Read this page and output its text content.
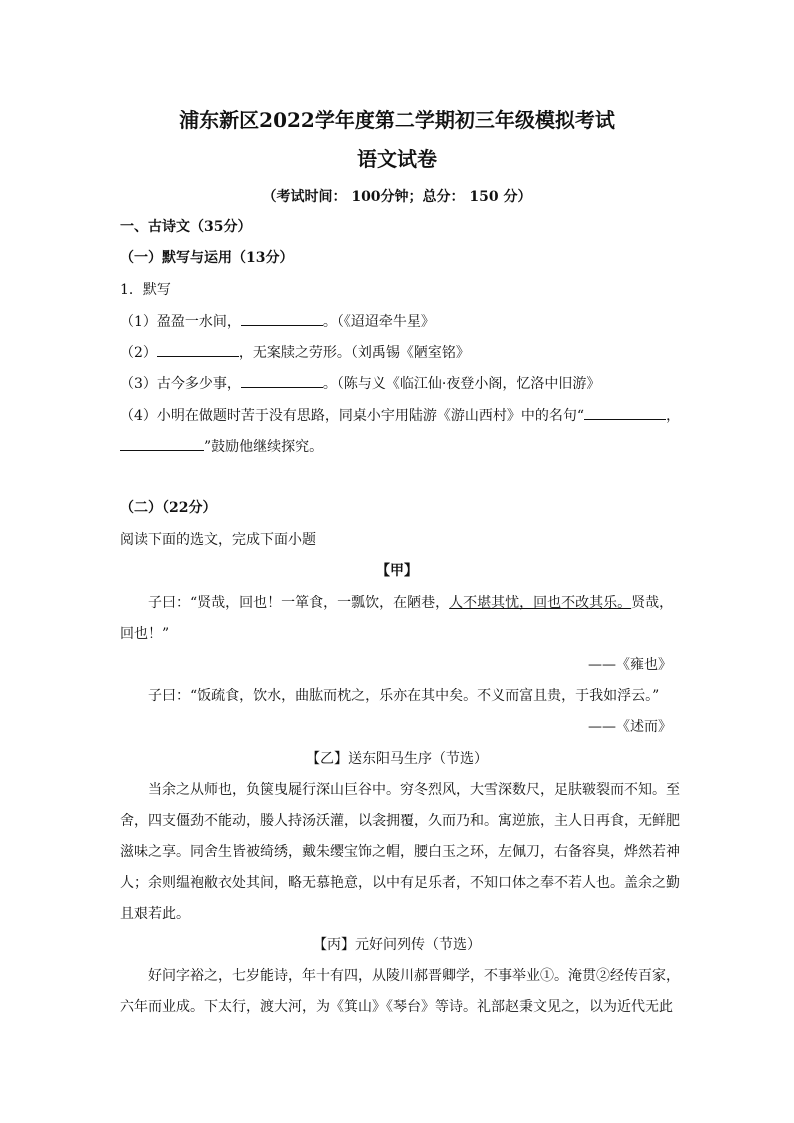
浦东新区2022学年度第二学期初三年级模拟考试
语文试卷
（考试时间： 100分钟；总分： 150 分）
一、古诗文（35分）
（一）默写与运用（13分）
1．默写
（1）盈盈一水间，	。（《迢迢牵牛星》
（2）	，无案牍之劳形。（刘禹锡《陋室铭》
（3）古今多少事，	。（陈与义《临江仙·夜登小阁，忆洛中旧游》
（4）小明在做题时苦于没有思路，同桌小宇用陆游《游山西村》中的名句“	，
”鼓励他继续探究。
（二）（22分）
阅读下面的选文，完成下面小题
【甲】
子曰：“贤哉，回也！一箪食，一瓢饮，在陋巷，人不堪其忧，回也不改其乐。贤哉，
回也！”
——《雍也》
子曰：“饭疏食，饮水，曲肱而枕之，乐亦在其中矣。不义而富且贵，于我如浮云。”
——《述而》
【乙】送东阳马生序（节选）
当余之从师也，负箧曳屣行深山巨谷中。穷冬烈风，大雪深数尺，足肤皲裂而不知。至
舍，四支僵劲不能动，媵人持汤沃灌，以衾拥覆，久而乃和。寓逆旅，主人日再食，无鲜肥
滋味之享。同舍生皆被绮绣，戴朱缨宝饰之帽，腰白玉之环，左佩刀，右备容臭，烨然若神
人；余则缊袍敝衣处其间，略无慕艳意，以中有足乐者，不知口体之奉不若人也。盖余之勤
且艰若此。
【丙】元好问列传（节选）
好问字裕之，七岁能诗，年十有四，从陵川郝晋卿学，不事举业①。淹贯②经传百家，
六年而业成。下太行，渡大河，为《箕山》《琴台》等诗。礼部赵秉文见之，以为近代无此
